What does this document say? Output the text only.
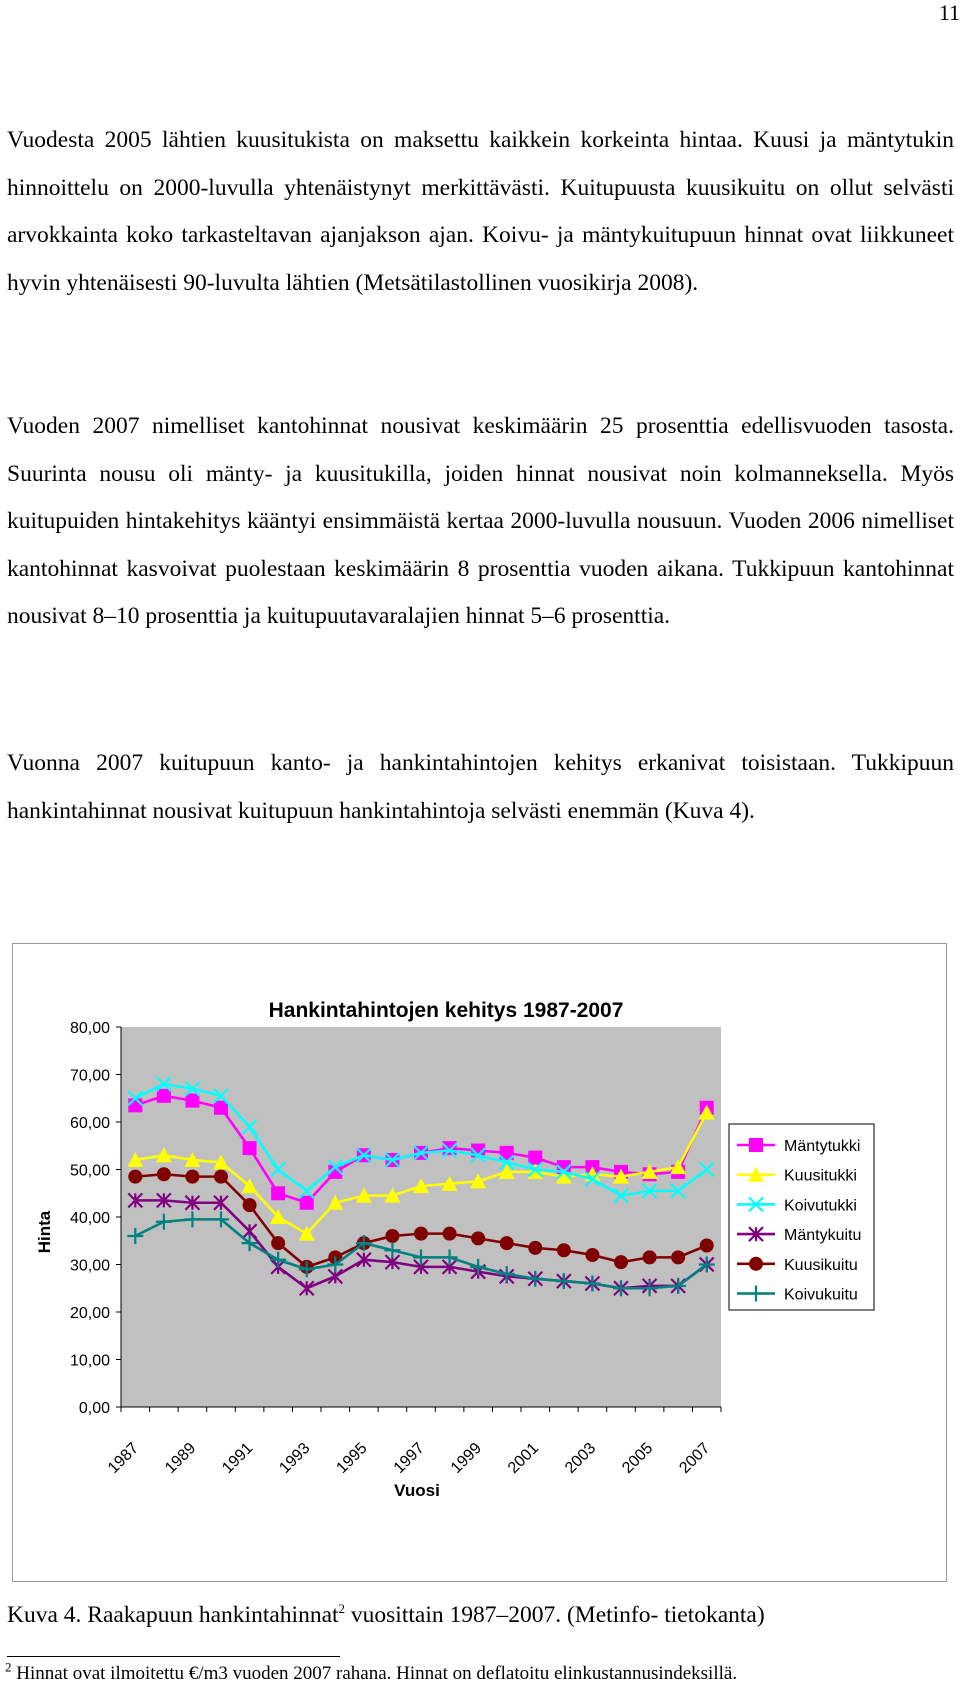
11

Vuodesta 2005 lähtien kuusitukista on maksettu kaikkein korkeinta hintaa. Kuusi ja mäntytukin hinnoittelu on 2000-luvulla yhtenäistynyt merkittävästi. Kuitupuusta kuusikuitu on ollut selvästi arvokkainta koko tarkasteltavan ajanjakson ajan. Koivu- ja mäntykuitupuun hinnat ovat liikkuneet hyvin yhtenäisesti 90-luvulta lähtien (Metsätilastollinen vuosikirja 2008).

Vuoden 2007 nimelliset kantohinnat nousivat keskimäärin 25 prosenttia edellisvuoden tasosta. Suurinta nousu oli mänty- ja kuusitukilla, joiden hinnat nousivat noin kolmanneksella. Myös kuitupuiden hintakehitys kääntyi ensimmäistä kertaa 2000-luvulla nousuun. Vuoden 2006 nimelliset kantohinnat kasvoivat puolestaan keskimäärin 8 prosenttia vuoden aikana. Tukkipuun kantohinnat nousivat 8–10 prosenttia ja kuitupuutavaralajien hinnat 5–6 prosenttia.

Vuonna 2007 kuitupuun kanto- ja hankintahintojen kehitys erkanivat toisistaan. Tukkipuun hankintahinnat nousivat kuitupuun hankintahintoja selvästi enemmän (Kuva 4).

Hankintahintojen kehitys 1987-2007
Hinta
Vuosi
0,00
10,00
20,00
30,00
40,00
50,00
60,00
70,00
80,00
1987 1989 1991 1993 1995 1997 1999 2001 2003 2005 2007
Mäntytukki
Kuusitukki
Koivutukki
Mäntykuitu
Kuusikuitu
Koivukuitu

Kuva 4. Raakapuun hankintahinnat$^2$ vuosittain 1987–2007. (Metinfo- tietokanta)

$^2$ Hinnat ovat ilmoitettu €/m3 vuoden 2007 rahana. Hinnat on deflatoitu elinkustannusindeksillä.
